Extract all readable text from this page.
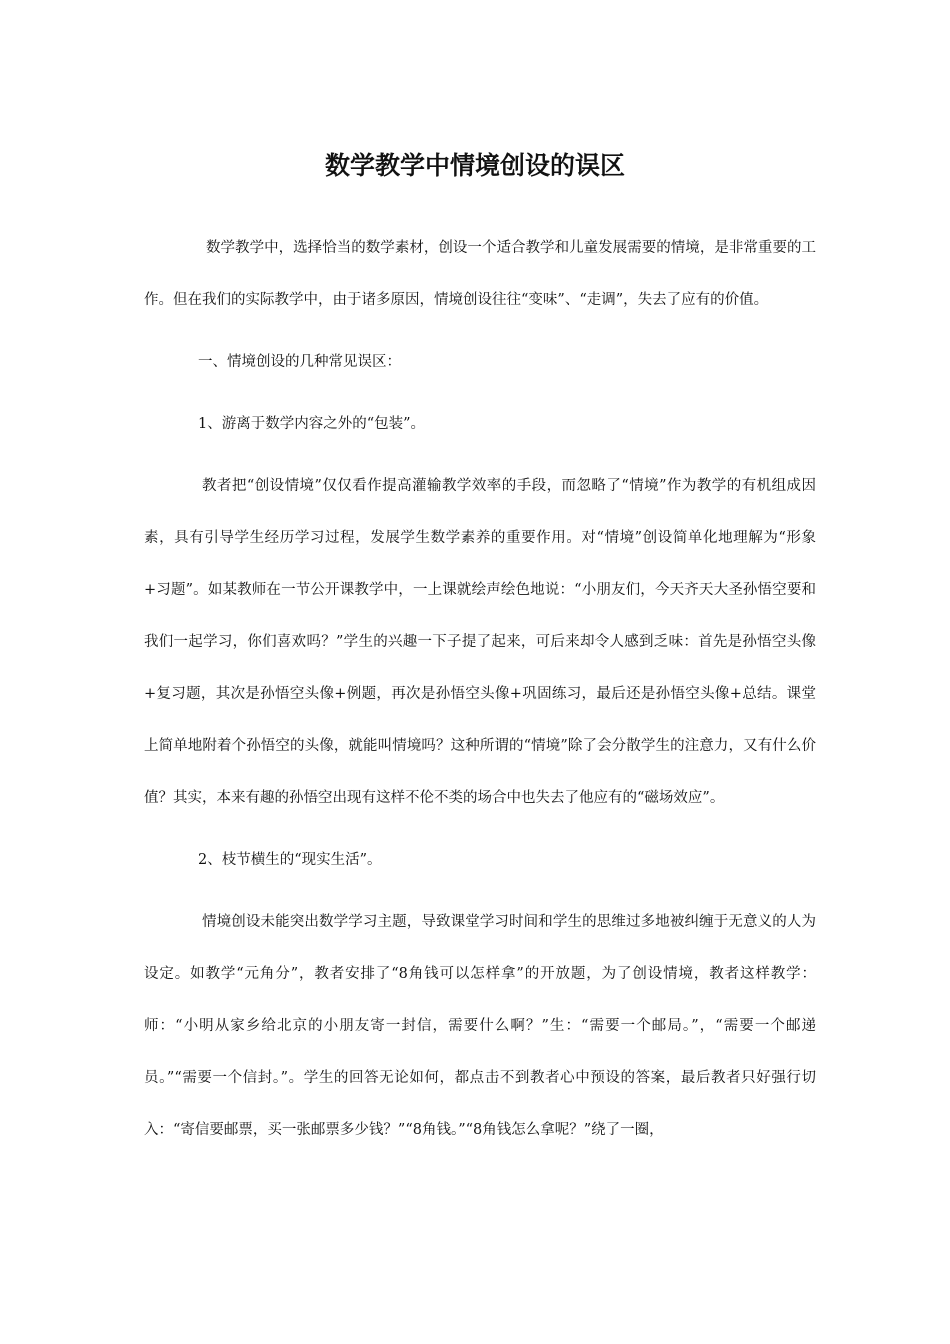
数学教学中情境创设的误区

数学教学中，选择恰当的数学素材，创设一个适合教学和儿童发展需要的情境，是非常重要的工作。但在我们的实际教学中，由于诸多原因，情境创设往往“变味”、“走调”，失去了应有的价值。

一、情境创设的几种常见误区：

1、游离于数学内容之外的“包装”。

教者把“创设情境”仅仅看作提高灌输教学效率的手段，而忽略了“情境”作为教学的有机组成因素，具有引导学生经历学习过程，发展学生数学素养的重要作用。对“情境”创设简单化地理解为“形象+习题”。如某教师在一节公开课教学中，一上课就绘声绘色地说：“小朋友们，今天齐天大圣孙悟空要和我们一起学习，你们喜欢吗？”学生的兴趣一下子提了起来，可后来却令人感到乏味：首先是孙悟空头像+复习题，其次是孙悟空头像+例题，再次是孙悟空头像+巩固练习，最后还是孙悟空头像+总结。课堂上简单地附着个孙悟空的头像，就能叫情境吗？这种所谓的“情境”除了会分散学生的注意力，又有什么价值？其实，本来有趣的孙悟空出现有这样不伦不类的场合中也失去了他应有的“磁场效应”。

2、枝节横生的“现实生活”。

情境创设未能突出数学学习主题，导致课堂学习时间和学生的思维过多地被纠缠于无意义的人为设定。如教学“元角分”，教者安排了“8角钱可以怎样拿”的开放题，为了创设情境，教者这样教学：师：“小明从家乡给北京的小朋友寄一封信，需要什么啊？”生：“需要一个邮局。”，“需要一个邮递员。”“需要一个信封。”。学生的回答无论如何，都点击不到教者心中预设的答案，最后教者只好强行切入：“寄信要邮票，买一张邮票多少钱？”“8角钱。”“8角钱怎么拿呢？”绕了一圈，
